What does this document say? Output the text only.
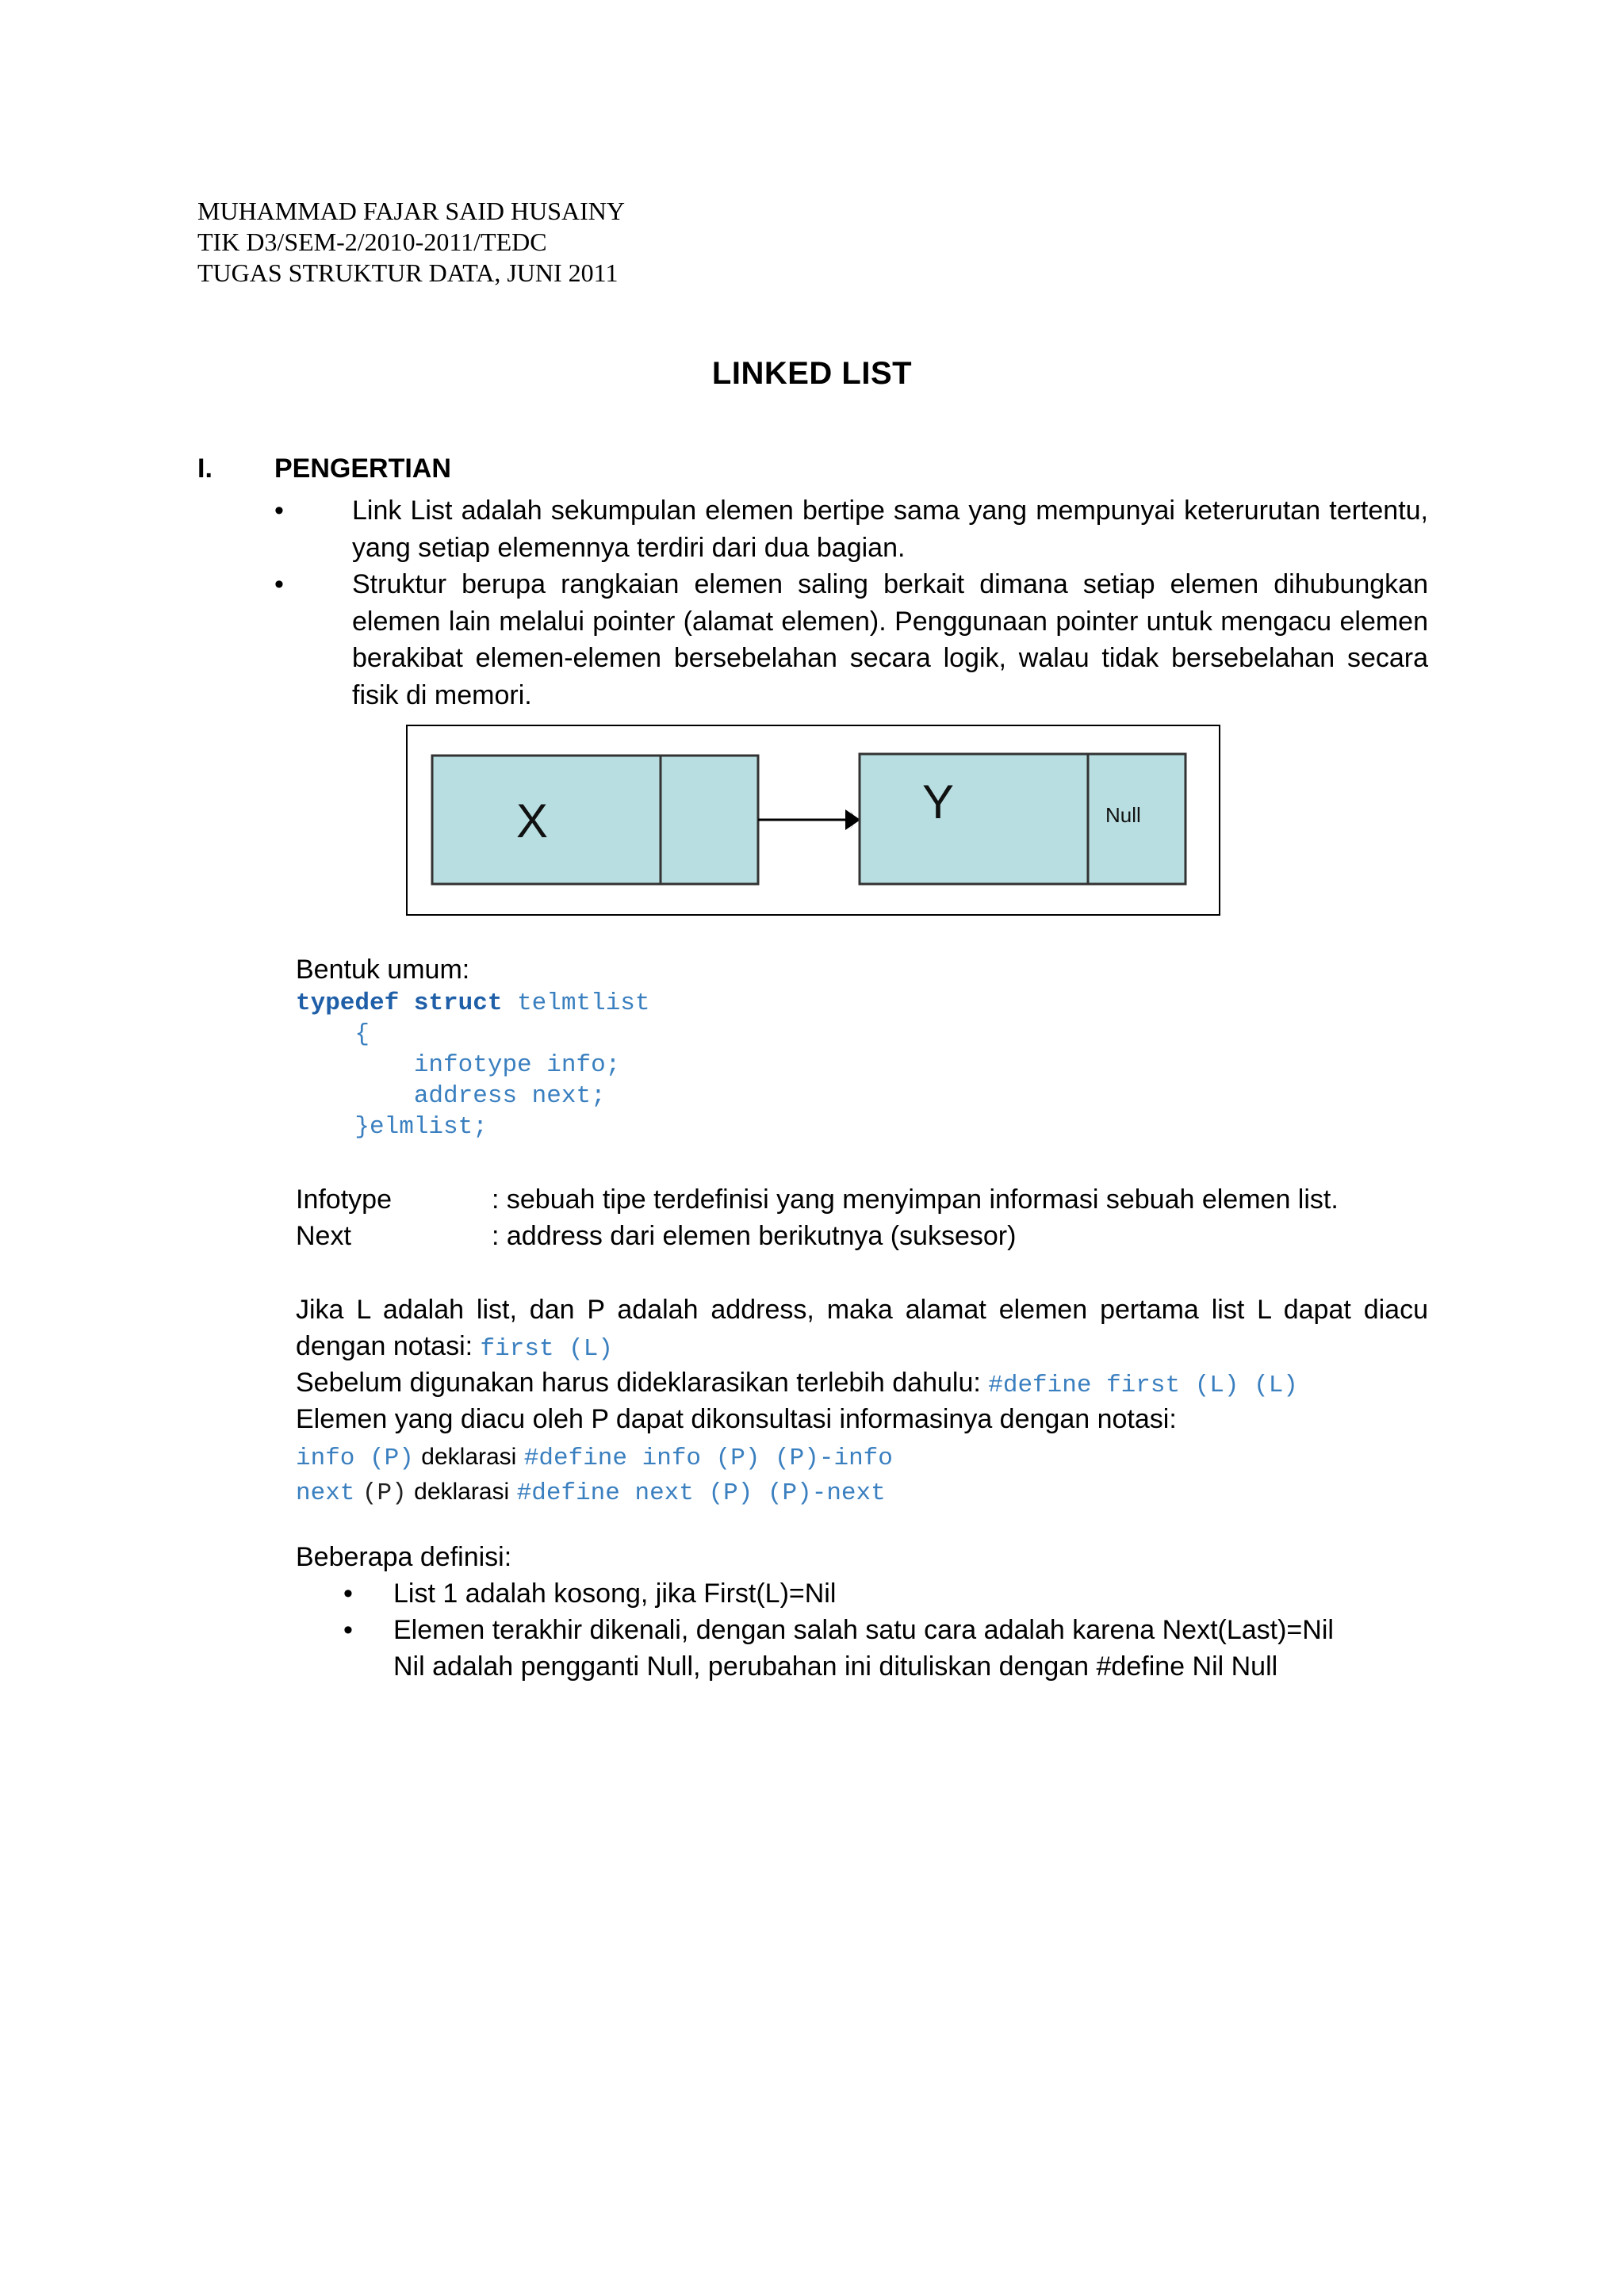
MUHAMMAD FAJAR SAID HUSAINY
TIK D3/SEM-2/2010-2011/TEDC
TUGAS STRUKTUR DATA, JUNI 2011
LINKED LIST
I. PENGERTIAN

•	Link List adalah sekumpulan elemen bertipe sama yang mempunyai keterurutan tertentu, yang setiap elemennya terdiri dari dua bagian.

•	Struktur berupa rangkaian elemen saling berkait dimana setiap elemen dihubungkan elemen lain melalui pointer (alamat elemen). Penggunaan pointer untuk mengacu elemen berakibat elemen-elemen bersebelahan secara logik, walau tidak bersebelahan secara fisik di memori.

X	Y	Null
Bentuk umum:
typedef struct telmtlist
{
infotype info;
address next;
}elmlist;
Infotype	: sebuah tipe terdefinisi yang menyimpan informasi sebuah elemen list.
Next	: address dari elemen berikutnya (suksesor)
Jika L adalah list, dan P adalah address, maka alamat elemen pertama list L dapat diacu
dengan notasi: first (L)
Sebelum digunakan harus dideklarasikan terlebih dahulu: #define first (L) (L)
Elemen yang diacu oleh P dapat dikonsultasi informasinya dengan notasi:
info (P) deklarasi #define info (P) (P)-info
next (P) deklarasi #define next (P) (P)-next
Beberapa definisi:
• List 1 adalah kosong, jika First(L)=Nil
• Elemen terakhir dikenali, dengan salah satu cara adalah karena Next(Last)=Nil
Nil adalah pengganti Null, perubahan ini dituliskan dengan #define Nil Null
